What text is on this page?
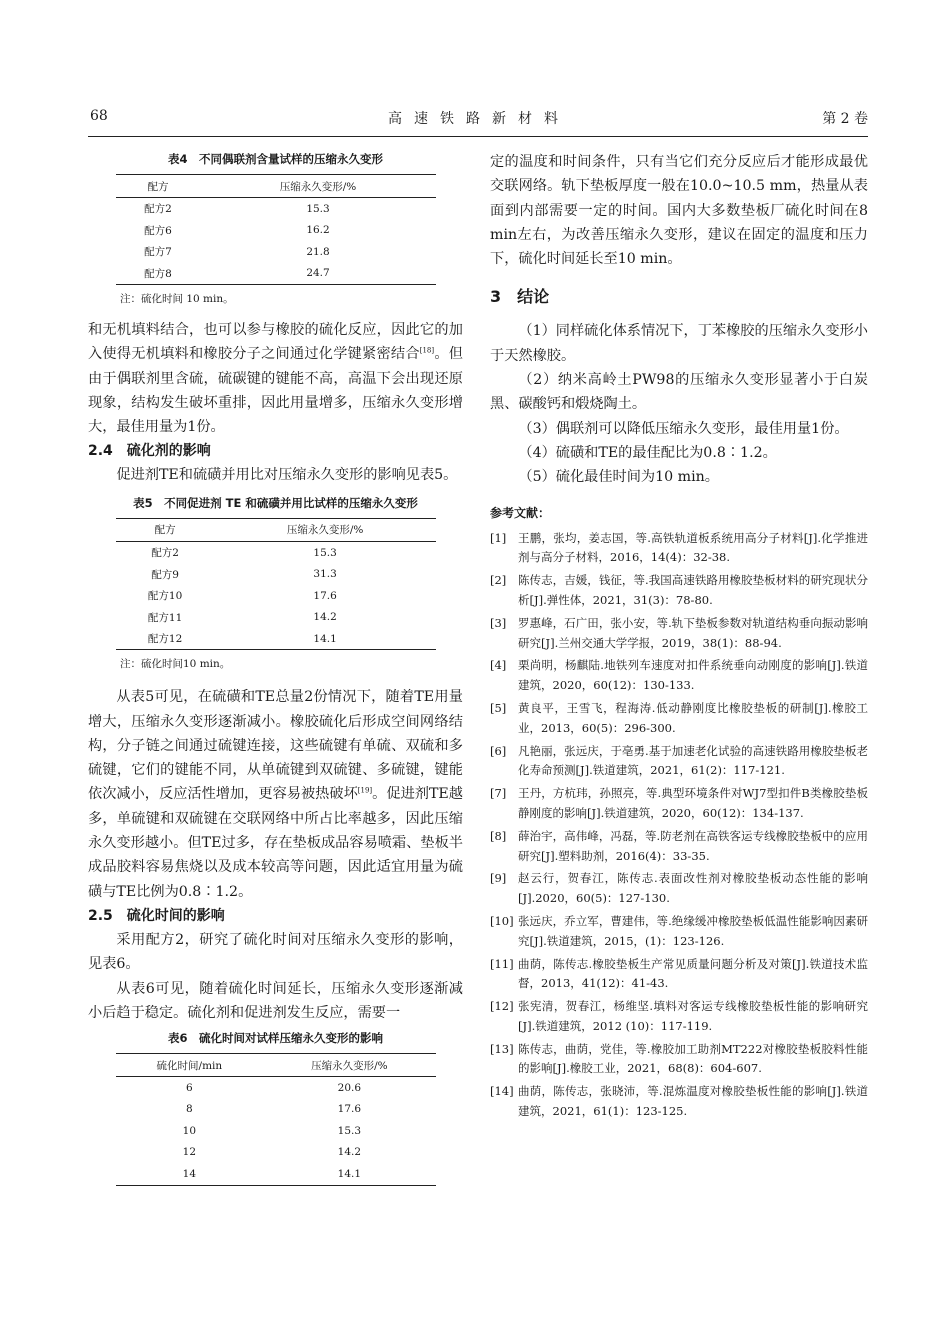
68	高速铁路新材料	第 2 卷
表4　不同偶联剂含量试样的压缩永久变形
配方	压缩永久变形/%
配方2	15.3
配方6	16.2
配方7	21.8
配方8	24.7
注：硫化时间 10 min。

和无机填料结合，也可以参与橡胶的硫化反应，因此它的加入使得无机填料和橡胶分子之间通过化学键紧密结合[18]。但由于偶联剂里含硫，硫碳键的键能不高，高温下会出现还原现象，结构发生破坏重排，因此用量增多，压缩永久变形增大，最佳用量为1份。

2.4　硫化剂的影响

促进剂TE和硫磺并用比对压缩永久变形的影响见表5。

表5　不同促进剂 TE 和硫磺并用比试样的压缩永久变形
配方	压缩永久变形/%
配方2	15.3
配方9	31.3
配方10	17.6
配方11	14.2
配方12	14.1
注：硫化时间10 min。

从表5可见，在硫磺和TE总量2份情况下，随着TE用量增大，压缩永久变形逐渐减小。橡胶硫化后形成空间网络结构，分子链之间通过硫键连接，这些硫键有单硫、双硫和多硫键，它们的键能不同，从单硫键到双硫键、多硫键，键能依次减小，反应活性增加，更容易被热破坏[19]。促进剂TE越多，单硫键和双硫键在交联网络中所占比率越多，因此压缩永久变形越小。但TE过多，存在垫板成品容易喷霜、垫板半成品胶料容易焦烧以及成本较高等问题，因此适宜用量为硫磺与TE比例为0.8∶1.2。

2.5　硫化时间的影响

采用配方2，研究了硫化时间对压缩永久变形的影响，见表6。

从表6可见，随着硫化时间延长，压缩永久变形逐渐减小后趋于稳定。硫化剂和促进剂发生反应，需要一

表6　硫化时间对试样压缩永久变形的影响
硫化时间/min	压缩永久变形/%
6	20.6
8	17.6
10	15.3
12	14.2
14	14.1

定的温度和时间条件，只有当它们充分反应后才能形成最优交联网络。轨下垫板厚度一般在10.0~10.5 mm，热量从表面到内部需要一定的时间。国内大多数垫板厂硫化时间在8 min左右，为改善压缩永久变形，建议在固定的温度和压力下，硫化时间延长至10 min。

3　结论

（1）同样硫化体系情况下，丁苯橡胶的压缩永久变形小于天然橡胶。

（2）纳米高岭土PW98的压缩永久变形显著小于白炭黑、碳酸钙和煅烧陶土。

（3）偶联剂可以降低压缩永久变形，最佳用量1份。

（4）硫磺和TE的最佳配比为0.8∶1.2。

（5）硫化最佳时间为10 min。

参考文献：
[1] 王鹏，张均，姜志国，等.高铁轨道板系统用高分子材料[J].化学推进剂与高分子材料，2016，14(4)：32-38.
[2] 陈传志，吉媛，钱征，等.我国高速铁路用橡胶垫板材料的研究现状分析[J].弹性体，2021，31(3)：78-80.
[3] 罗惠峰，石广田，张小安，等.轨下垫板参数对轨道结构垂向振动影响研究[J].兰州交通大学学报，2019，38(1)：88-94.
[4] 栗尚明，杨麒陆.地铁列车速度对扣件系统垂向动刚度的影响[J].铁道建筑，2020，60(12)：130-133.
[5] 黄良平，王雪飞，程海涛.低动静刚度比橡胶垫板的研制[J].橡胶工业，2013，60(5)：296-300.
[6] 凡艳丽，张远庆，于亳勇.基于加速老化试验的高速铁路用橡胶垫板老化寿命预测[J].铁道建筑，2021，61(2)：117-121.
[7] 王丹，方杭玮，孙照亮，等.典型环境条件对WJ7型扣件B类橡胶垫板静刚度的影响[J].铁道建筑，2020，60(12)：134-137.
[8] 薛治宇，高伟峰，冯磊，等.防老剂在高铁客运专线橡胶垫板中的应用研究[J].塑料助剂，2016(4)：33-35.
[9] 赵云行，贺春江，陈传志.表面改性剂对橡胶垫板动态性能的影响[J].2020，60(5)：127-130.
[10] 张远庆，乔立军，曹建伟，等.绝缘缓冲橡胶垫板低温性能影响因素研究[J].铁道建筑，2015，(1)：123-126.
[11] 曲荫，陈传志.橡胶垫板生产常见质量问题分析及对策[J].铁道技术监督，2013，41(12)：41-43.
[12] 张宪清，贺春江，杨维坚.填料对客运专线橡胶垫板性能的影响研究[J].铁道建筑，2012 (10)：117-119.
[13] 陈传志，曲荫，党佳，等.橡胶加工助剂MT222对橡胶垫板胶料性能的影响[J].橡胶工业，2021，68(8)：604-607.
[14] 曲荫，陈传志，张晓沛，等.混炼温度对橡胶垫板性能的影响[J].铁道建筑，2021，61(1)：123-125.
